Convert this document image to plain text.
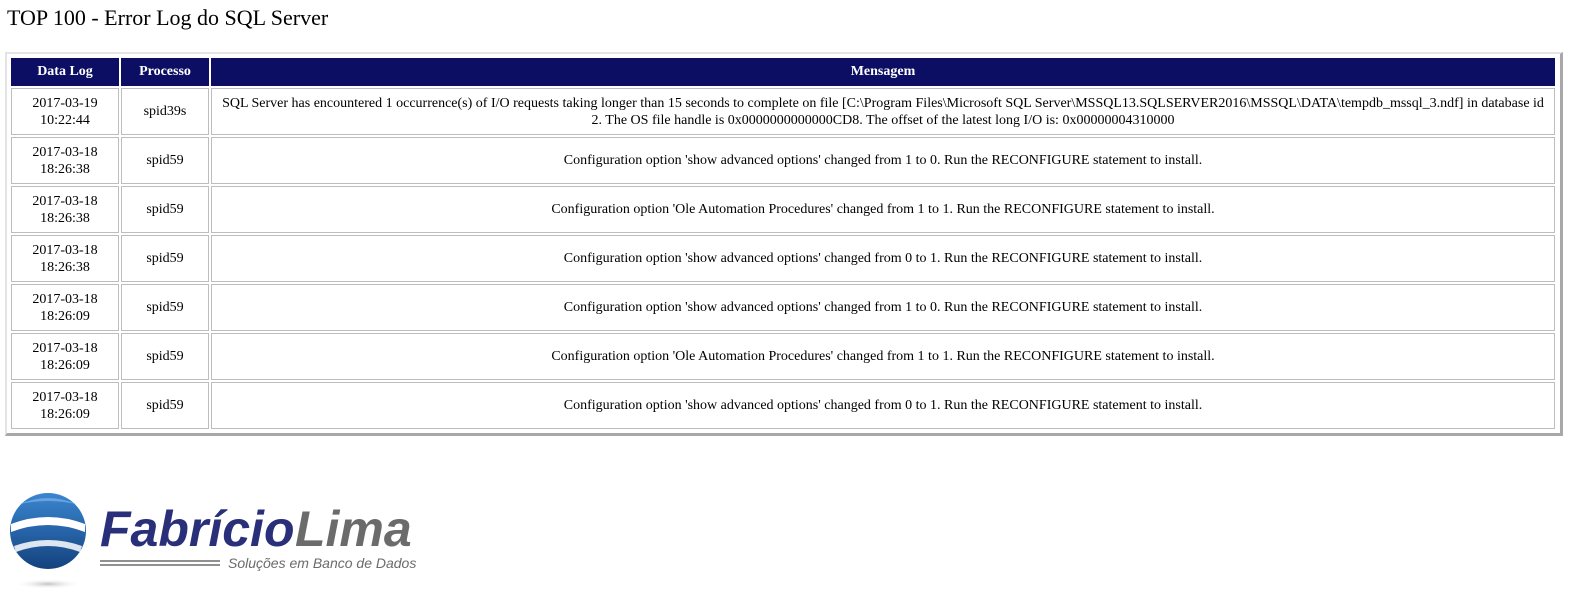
TOP 100 - Error Log do SQL Server
Data Log	Processo	Mensagem

2017-03-19
10:22:44	spid39s	SQL Server has encountered 1 occurrence(s) of I/O requests taking longer than 15 seconds to complete on file [C:\Program Files\Microsoft SQL Server\MSSQL13.SQLSERVER2016\MSSQL\DATA\tempdb_mssql_3.ndf] in database id 2. The OS file handle is 0x0000000000000CD8. The offset of the latest long I/O is: 0x00000004310000

2017-03-18
18:26:38	spid59	Configuration option 'show advanced options' changed from 1 to 0. Run the RECONFIGURE statement to install.

2017-03-18
18:26:38	spid59	Configuration option 'Ole Automation Procedures' changed from 1 to 1. Run the RECONFIGURE statement to install.

2017-03-18
18:26:38	spid59	Configuration option 'show advanced options' changed from 0 to 1. Run the RECONFIGURE statement to install.

2017-03-18
18:26:09	spid59	Configuration option 'show advanced options' changed from 1 to 0. Run the RECONFIGURE statement to install.

2017-03-18
18:26:09	spid59	Configuration option 'Ole Automation Procedures' changed from 1 to 1. Run the RECONFIGURE statement to install.

2017-03-18
18:26:09	spid59	Configuration option 'show advanced options' changed from 0 to 1. Run the RECONFIGURE statement to install.
Fabrício Lima
Soluções em Banco de Dados
